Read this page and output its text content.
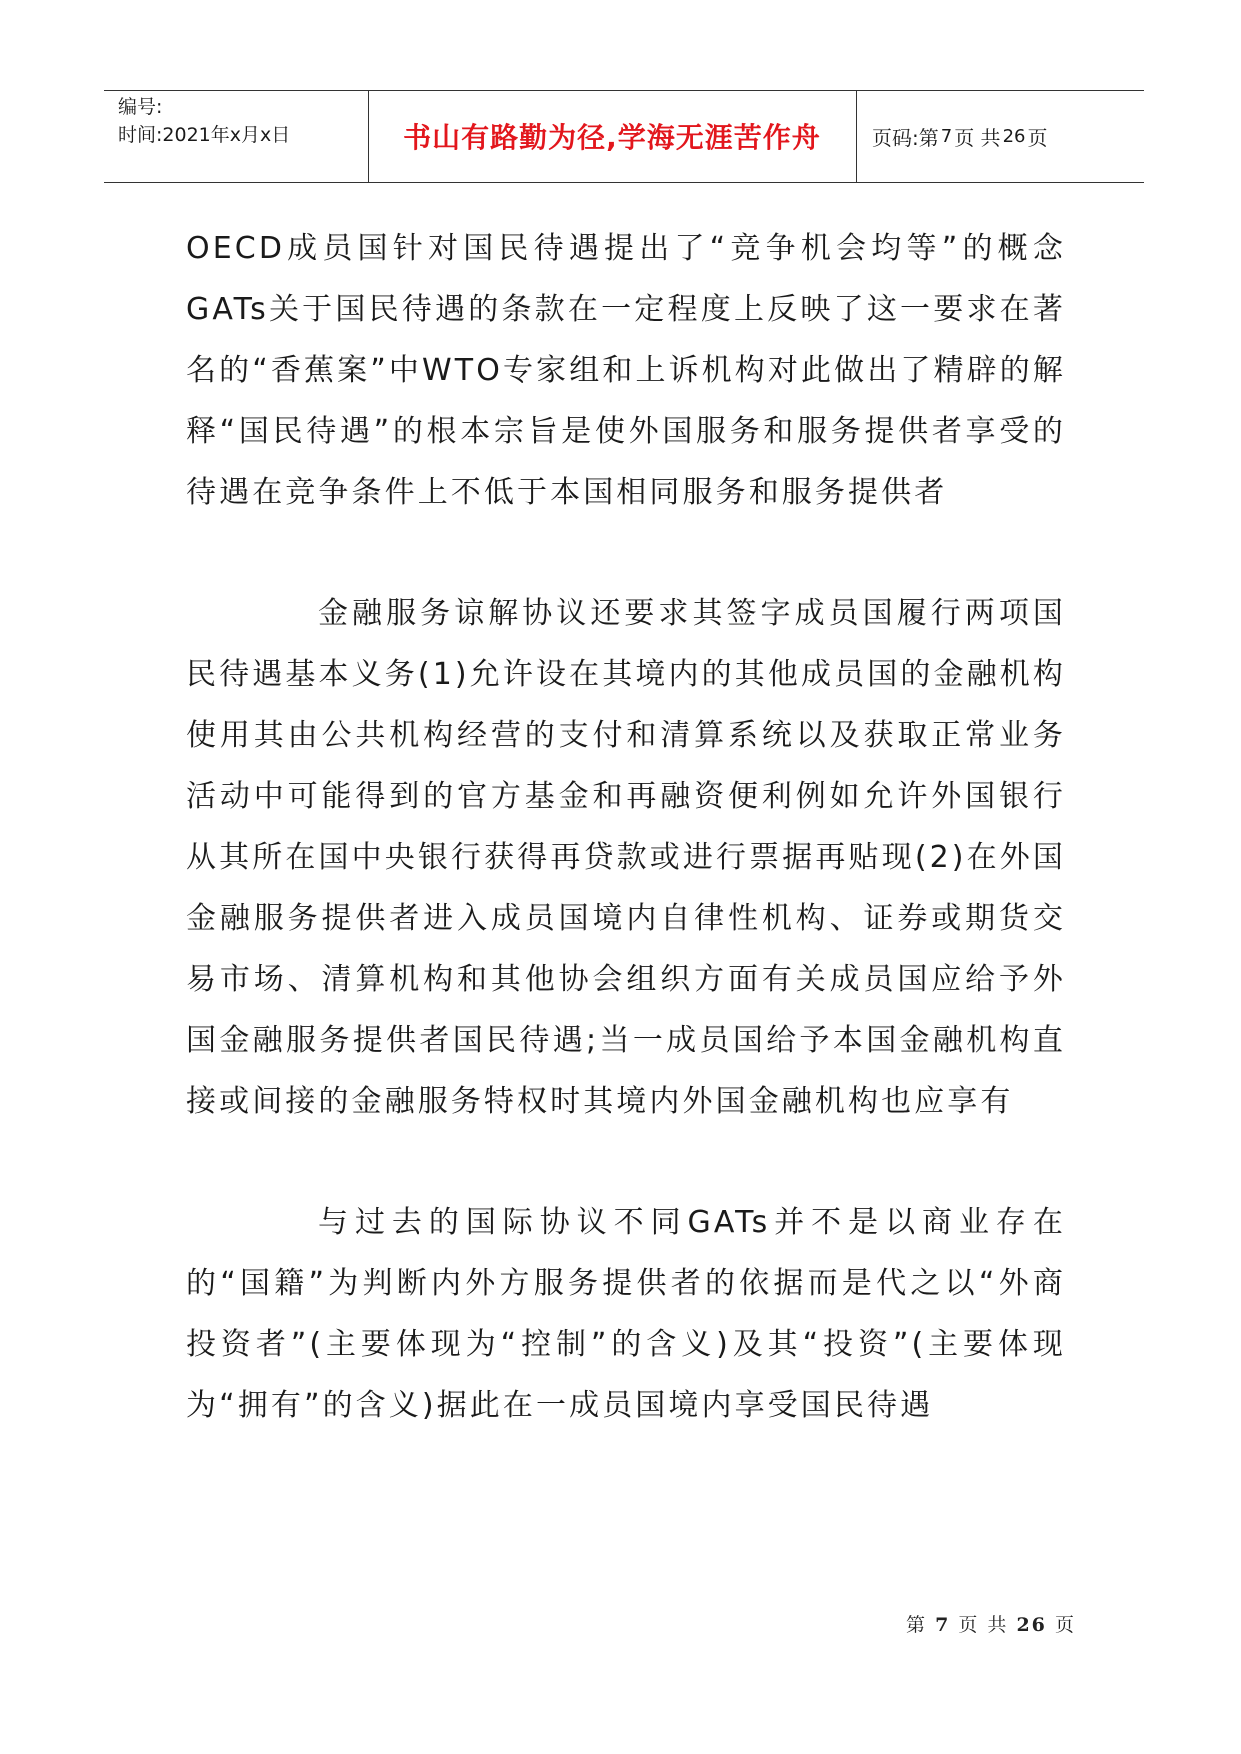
编号:
时间:2021年x月x日	书山有路勤为径,学海无涯苦作舟	页码:第 7 页 共 26 页

OECD成员国针对国民待遇提出了“竞争机会均等”的概念GATs关于国民待遇的条款在一定程度上反映了这一要求在著名的“香蕉案”中WTO专家组和上诉机构对此做出了精辟的解释“国民待遇”的根本宗旨是使外国服务和服务提供者享受的待遇在竞争条件上不低于本国相同服务和服务提供者

金融服务谅解协议还要求其签字成员国履行两项国民待遇基本义务(1)允许设在其境内的其他成员国的金融机构使用其由公共机构经营的支付和清算系统以及获取正常业务活动中可能得到的官方基金和再融资便利例如允许外国银行从其所在国中央银行获得再贷款或进行票据再贴现(2)在外国金融服务提供者进入成员国境内自律性机构、证券或期货交易市场、清算机构和其他协会组织方面有关成员国应给予外国金融服务提供者国民待遇;当一成员国给予本国金融机构直接或间接的金融服务特权时其境内外国金融机构也应享有

与过去的国际协议不同GATs并不是以商业存在的“国籍”为判断内外方服务提供者的依据而是代之以“外商投资者”(主要体现为“控制”的含义)及其“投资”(主要体现为“拥有”的含义)据此在一成员国境内享受国民待遇

第 7 页 共 26 页
